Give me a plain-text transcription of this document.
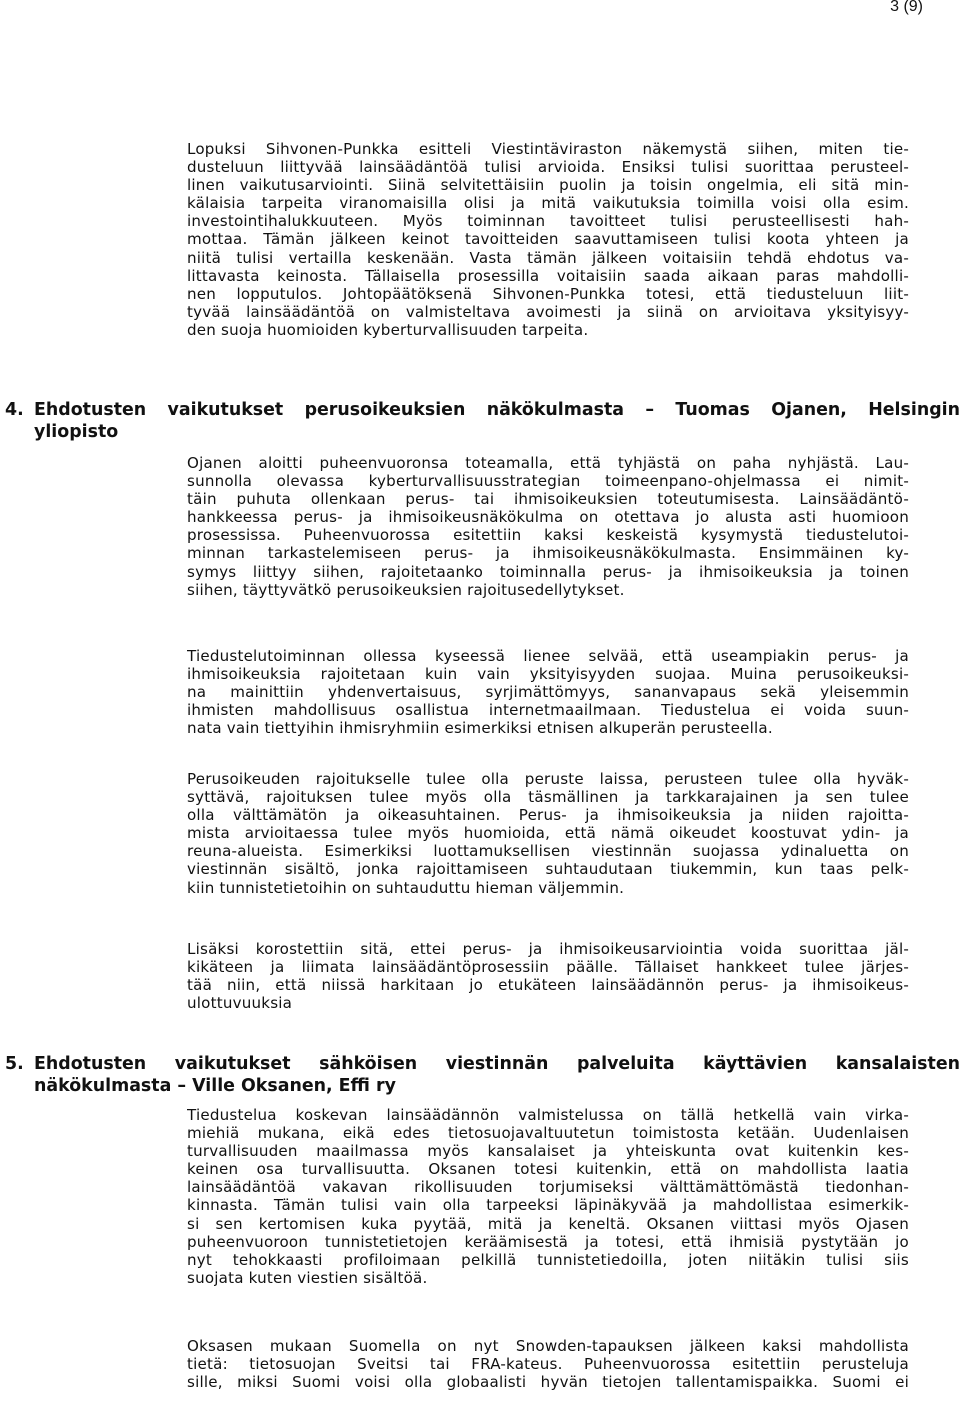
3 (9)
Lopuksi Sihvonen-Punkka esitteli Viestintäviraston näkemystä siihen, miten tie-
dusteluun liittyvää lainsäädäntöä tulisi arvioida. Ensiksi tulisi suorittaa perusteel-
linen vaikutusarviointi. Siinä selvitettäisiin puolin ja toisin ongelmia, eli sitä min-
kälaisia tarpeita viranomaisilla olisi ja mitä vaikutuksia toimilla voisi olla esim.
investointihalukkuuteen. Myös toiminnan tavoitteet tulisi perusteellisesti hah-
mottaa. Tämän jälkeen keinot tavoitteiden saavuttamiseen tulisi koota yhteen ja
niitä tulisi vertailla keskenään. Vasta tämän jälkeen voitaisiin tehdä ehdotus va-
littavasta keinosta. Tällaisella prosessilla voitaisiin saada aikaan paras mahdolli-
nen lopputulos. Johtopäätöksenä Sihvonen-Punkka totesi, että tiedusteluun liit-
tyvää lainsäädäntöä on valmisteltava avoimesti ja siinä on arvioitava yksityisyy-
den suoja huomioiden kyberturvallisuuden tarpeita.
4. Ehdotusten vaikutukset perusoikeuksien näkökulmasta – Tuomas Ojanen, Helsingin
yliopisto
Ojanen aloitti puheenvuoronsa toteamalla, että tyhjästä on paha nyhjästä. Lau-
sunnolla olevassa kyberturvallisuusstrategian toimeenpano-ohjelmassa ei nimit-
täin puhuta ollenkaan perus- tai ihmisoikeuksien toteutumisesta. Lainsäädäntö-
hankkeessa perus- ja ihmisoikeusnäkökulma on otettava jo alusta asti huomioon
prosessissa. Puheenvuorossa esitettiin kaksi keskeistä kysymystä tiedustelutoi-
minnan tarkastelemiseen perus- ja ihmisoikeusnäkökulmasta. Ensimmäinen ky-
symys liittyy siihen, rajoitetaanko toiminnalla perus- ja ihmisoikeuksia ja toinen
siihen, täyttyvätkö perusoikeuksien rajoitusedellytykset.
Tiedustelutoiminnan ollessa kyseessä lienee selvää, että useampiakin perus- ja
ihmisoikeuksia rajoitetaan kuin vain yksityisyyden suojaa. Muina perusoikeuksi-
na mainittiin yhdenvertaisuus, syrjimättömyys, sananvapaus sekä yleisemmin
ihmisten mahdollisuus osallistua internetmaailmaan. Tiedustelua ei voida suun-
nata vain tiettyihin ihmisryhmiin esimerkiksi etnisen alkuperän perusteella.
Perusoikeuden rajoitukselle tulee olla peruste laissa, perusteen tulee olla hyväk-
syttävä, rajoituksen tulee myös olla täsmällinen ja tarkkarajainen ja sen tulee
olla välttämätön ja oikeasuhtainen. Perus- ja ihmisoikeuksia ja niiden rajoitta-
mista arvioitaessa tulee myös huomioida, että nämä oikeudet koostuvat ydin- ja
reuna-alueista. Esimerkiksi luottamuksellisen viestinnän suojassa ydinaluetta on
viestinnän sisältö, jonka rajoittamiseen suhtaudutaan tiukemmin, kun taas pelk-
kiin tunnistetietoihin on suhtauduttu hieman väljemmin.
Lisäksi korostettiin sitä, ettei perus- ja ihmisoikeusarviointia voida suorittaa jäl-
kikäteen ja liimata lainsäädäntöprosessiin päälle. Tällaiset hankkeet tulee järjes-
tää niin, että niissä harkitaan jo etukäteen lainsäädännön perus- ja ihmisoikeus-
ulottuvuuksia
5. Ehdotusten vaikutukset sähköisen viestinnän palveluita käyttävien kansalaisten
näkökulmasta – Ville Oksanen, Effi ry
Tiedustelua koskevan lainsäädännön valmistelussa on tällä hetkellä vain virka-
miehiä mukana, eikä edes tietosuojavaltuutetun toimistosta ketään. Uudenlaisen
turvallisuuden maailmassa myös kansalaiset ja yhteiskunta ovat kuitenkin kes-
keinen osa turvallisuutta. Oksanen totesi kuitenkin, että on mahdollista laatia
lainsäädäntöä vakavan rikollisuuden torjumiseksi välttämättömästä tiedonhan-
kinnasta. Tämän tulisi vain olla tarpeeksi läpinäkyvää ja mahdollistaa esimerkik-
si sen kertomisen kuka pyytää, mitä ja keneltä. Oksanen viittasi myös Ojasen
puheenvuoroon tunnistetietojen keräämisestä ja totesi, että ihmisiä pystytään jo
nyt tehokkaasti profiloimaan pelkillä tunnistetiedoilla, joten niitäkin tulisi siis
suojata kuten viestien sisältöä.
Oksasen mukaan Suomella on nyt Snowden-tapauksen jälkeen kaksi mahdollista
tietä: tietosuojan Sveitsi tai FRA-kateus. Puheenvuorossa esitettiin perusteluja
sille, miksi Suomi voisi olla globaalisti hyvän tietojen tallentamispaikka. Suomi ei
